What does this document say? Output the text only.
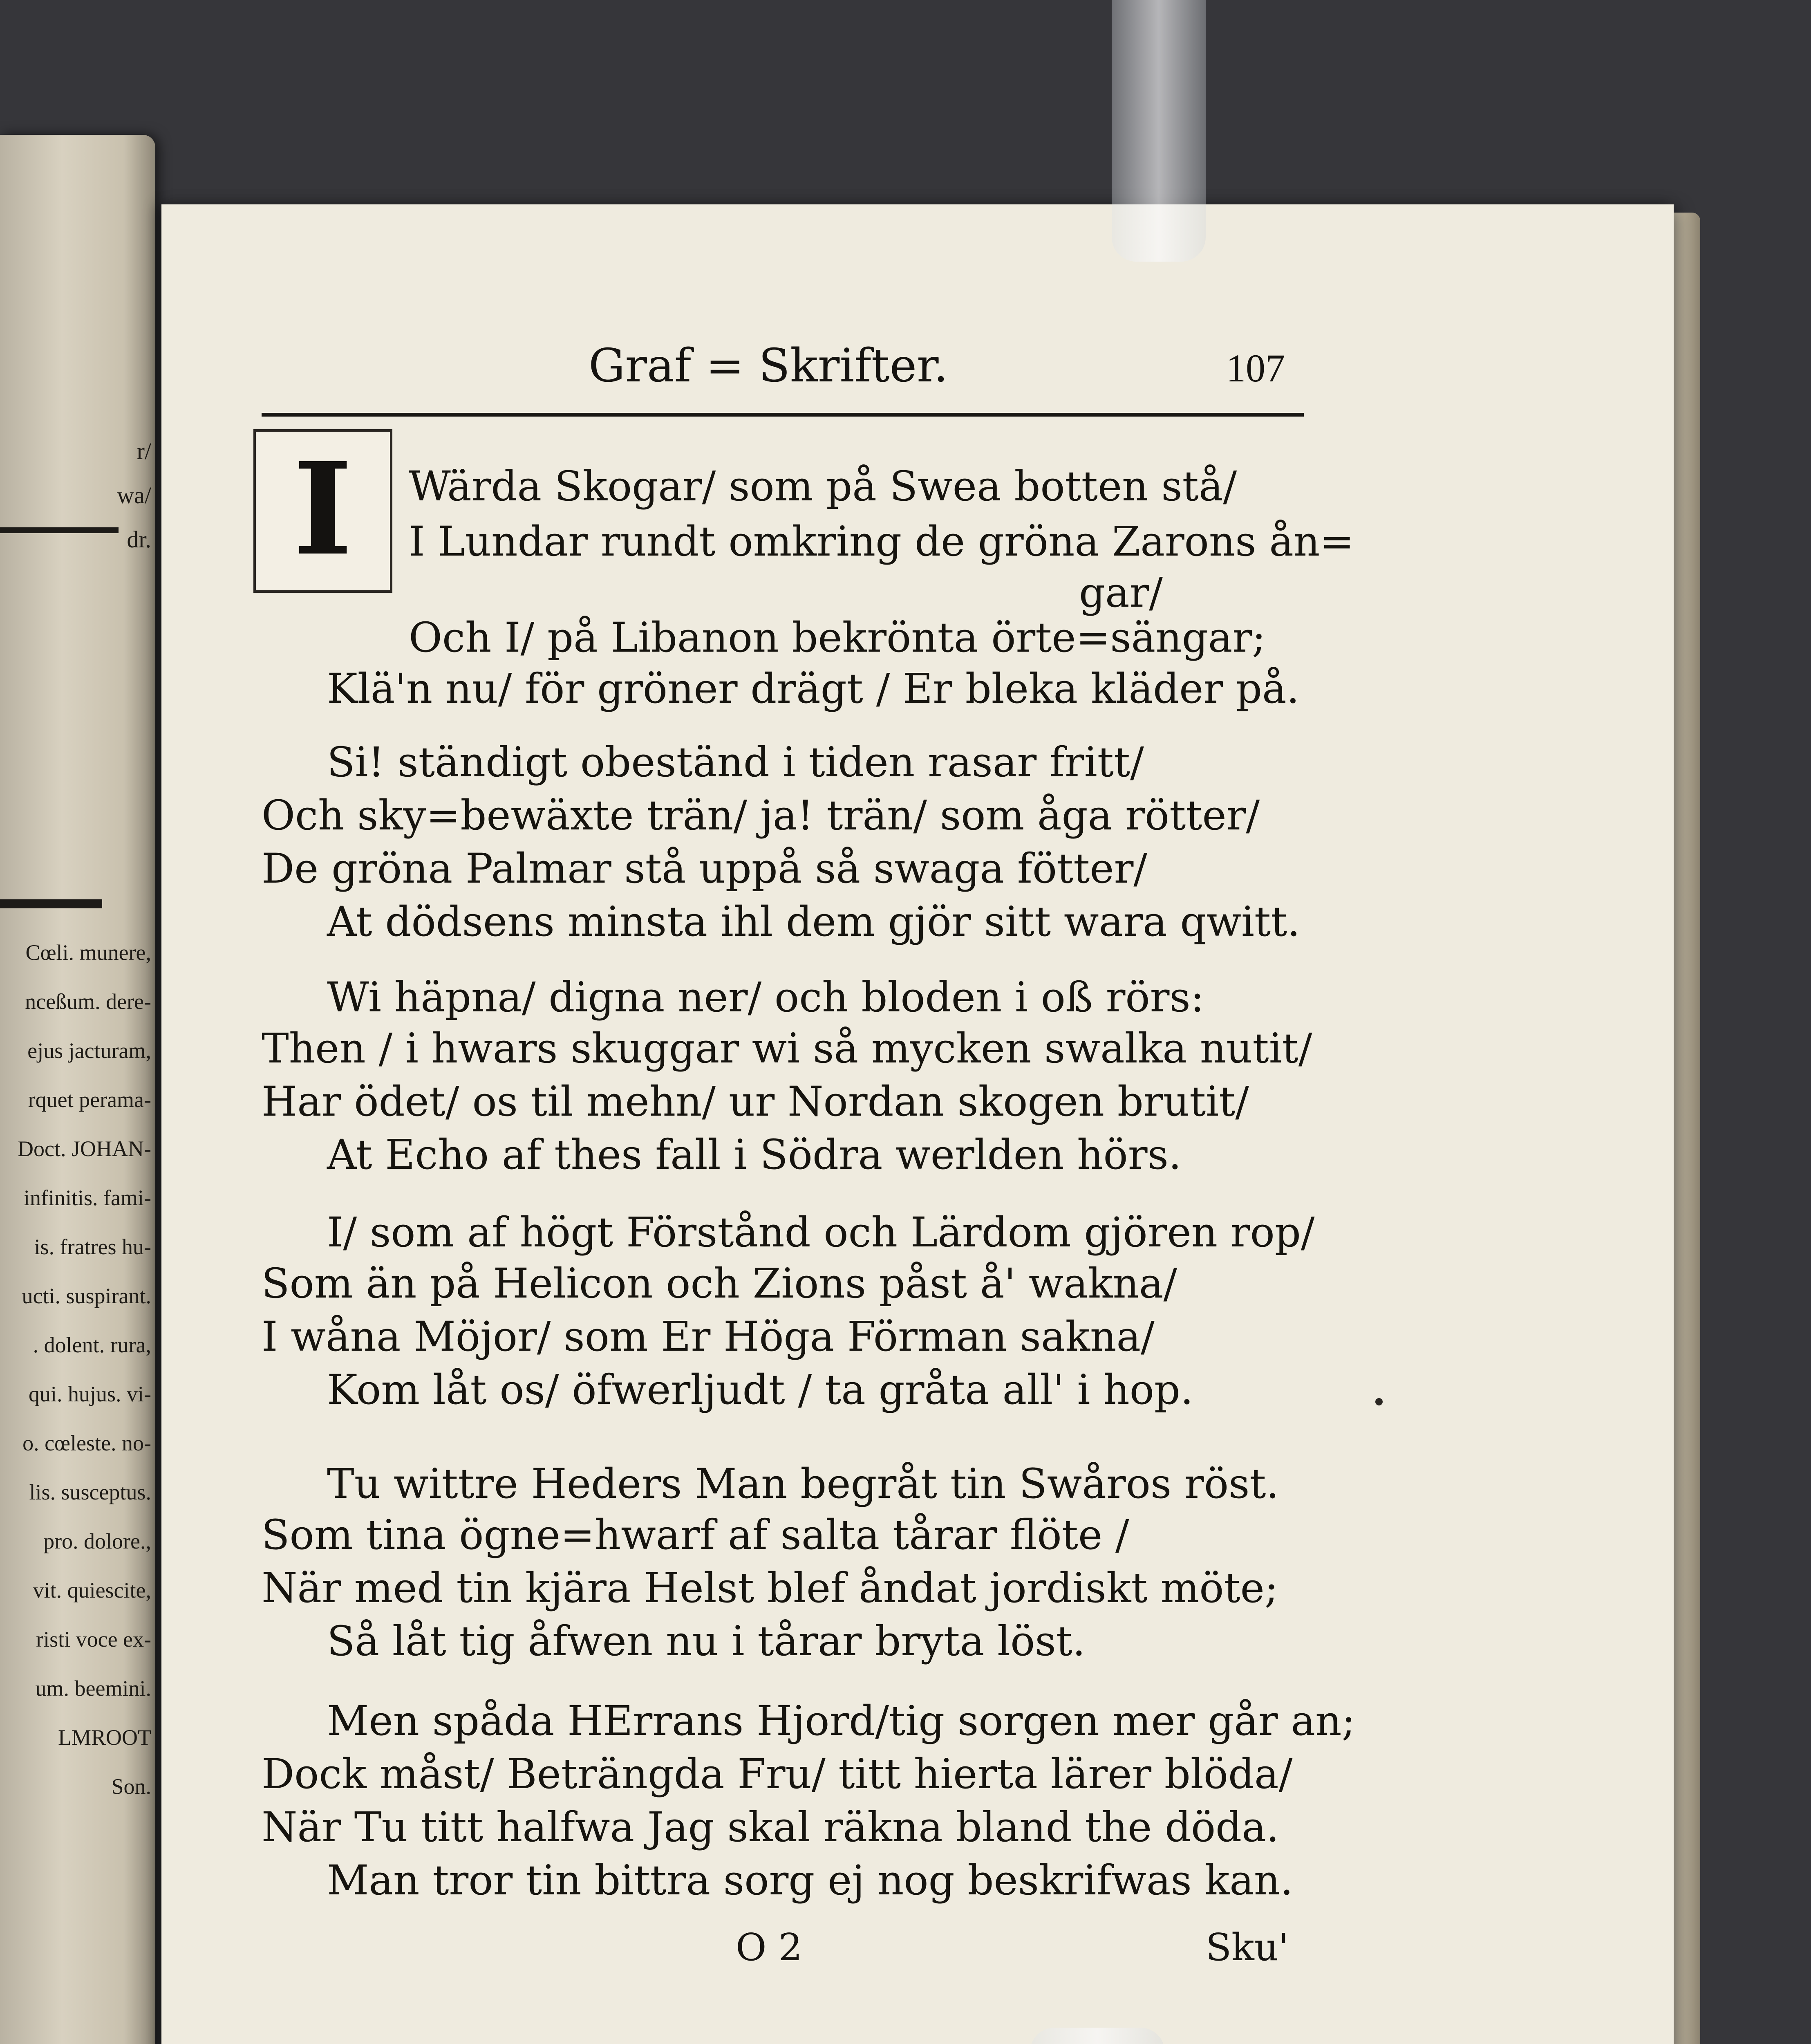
r/
wa/
dr.
Cœli. munere,
nceßum. dere-
ejus jacturam,
rquet perama-
Doct. JOHAN-
infinitis. fami-
is. fratres hu-
ucti. suspirant.
. dolent. rura,
qui. hujus. vi-
o. cœleste. no-
lis. susceptus.
pro. dolore.,
vit. quiescite,
risti voce ex-
um. beemini.
LMROOT
Son.
Graf = Skrifter.	107
I	Wärda Skogar/ som på Swea botten stå/
I Lundar rundt omkring de gröna Zarons ån=
gar/
Och I/ på Libanon bekrönta örte=sängar;
Klä'n nu/ för gröner drägt / Er bleka kläder på.
Si! ständigt obeständ i tiden rasar fritt/
Och sky=bewäxte trän/ ja! trän/ som åga rötter/
De gröna Palmar stå uppå så swaga fötter/
At dödsens minsta ihl dem gjör sitt wara qwitt.
Wi häpna/ digna ner/ och bloden i oß rörs:
Then / i hwars skuggar wi så mycken swalka nutit/
Har ödet/ os til mehn/ ur Nordan skogen brutit/
At Echo af thes fall i Södra werlden hörs.
I/ som af högt Förstånd och Lärdom gjören rop/
Som än på Helicon och Zions påst å' wakna/
I wåna Möjor/ som Er Höga Förman sakna/
Kom låt os/ öfwerljudt / ta gråta all' i hop.
Tu wittre Heders Man begråt tin Swåros röst.
Som tina ögne=hwarf af salta tårar flöte /
När med tin kjära Helst blef åndat jordiskt möte;
Så låt tig åfwen nu i tårar bryta löst.
Men spåda HErrans Hjord/tig sorgen mer går an;
Dock måst/ Beträngda Fru/ titt hierta lärer blöda/
När Tu titt halfwa Jag skal räkna bland the döda.
Man tror tin bittra sorg ej nog beskrifwas kan.
O 2	Sku'
